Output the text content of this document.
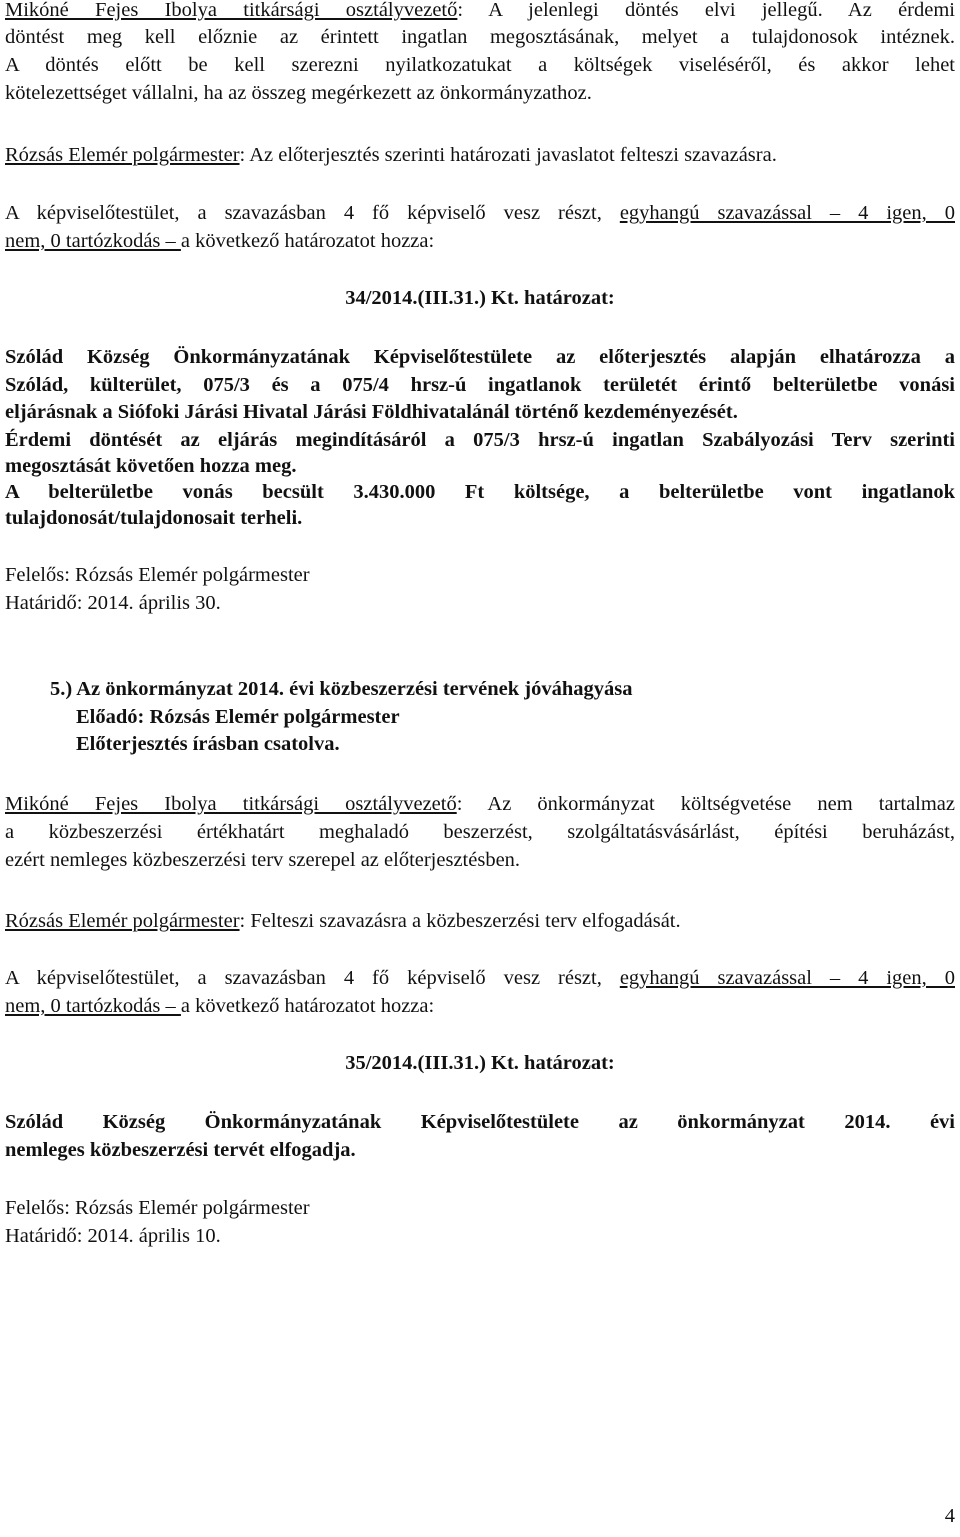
Mikóné Fejes Ibolya titkársági osztályvezető: A jelenlegi döntés elvi jellegű. Az érdemi
döntést meg kell előznie az érintett ingatlan megosztásának, melyet a tulajdonosok intéznek.
A döntés előtt be kell szerezni nyilatkozatukat a költségek viseléséről, és akkor lehet
kötelezettséget vállalni, ha az összeg megérkezett az önkormányzathoz.
Rózsás Elemér polgármester: Az előterjesztés szerinti határozati javaslatot felteszi szavazásra.
A képviselőtestület, a szavazásban 4 fő képviselő vesz részt, egyhangú szavazással – 4 igen, 0
nem, 0 tartózkodás – a következő határozatot hozza:
34/2014.(III.31.) Kt. határozat:
Szólád Község Önkormányzatának Képviselőtestülete az előterjesztés alapján elhatározza a
Szólád, külterület, 075/3 és a 075/4 hrsz-ú ingatlanok területét érintő belterületbe vonási
eljárásnak a Siófoki Járási Hivatal Járási Földhivatalánál történő kezdeményezését.
Érdemi döntését az eljárás megindításáról a 075/3 hrsz-ú ingatlan Szabályozási Terv szerinti
megosztását követően hozza meg.
A belterületbe vonás becsült 3.430.000 Ft költsége, a belterületbe vont ingatlanok
tulajdonosát/tulajdonosait terheli.
Felelős: Rózsás Elemér polgármester
Határidő: 2014. április 30.
5.) Az önkormányzat 2014. évi közbeszerzési tervének jóváhagyása
Előadó: Rózsás Elemér polgármester
Előterjesztés írásban csatolva.
Mikóné Fejes Ibolya titkársági osztályvezető: Az önkormányzat költségvetése nem tartalmaz
a közbeszerzési értékhatárt meghaladó beszerzést, szolgáltatásvásárlást, építési beruházást,
ezért nemleges közbeszerzési terv szerepel az előterjesztésben.
Rózsás Elemér polgármester: Felteszi szavazásra a közbeszerzési terv elfogadását.
A képviselőtestület, a szavazásban 4 fő képviselő vesz részt, egyhangú szavazással – 4 igen, 0
nem, 0 tartózkodás – a következő határozatot hozza:
35/2014.(III.31.) Kt. határozat:
Szólád Község Önkormányzatának Képviselőtestülete az önkormányzat 2014. évi
nemleges közbeszerzési tervét elfogadja.
Felelős: Rózsás Elemér polgármester
Határidő: 2014. április 10.
4
